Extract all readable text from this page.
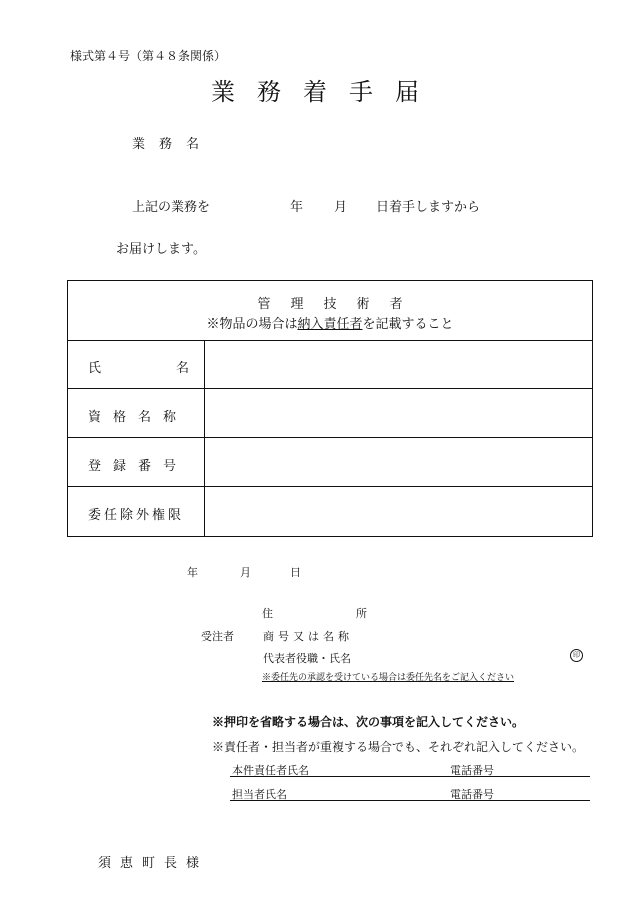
様式第４号（第４８条関係）
業務着手届
業務名
上記の業務を	年 月 日着手しますから
お届けします。
管理技術者
※物品の場合は納入責任者を記載すること
氏	名
資格名称
登録番号
委任除外権限
年	月	日
住	所
受注者	商号又は名称
代表者役職・氏名	印
※委任先の承認を受けている場合は委任先名をご記入ください
※押印を省略する場合は、次の事項を記入してください。
※責任者・担当者が重複する場合でも、それぞれ記入してください。
本件責任者氏名	電話番号
担当者氏名	電話番号
須恵町長様
